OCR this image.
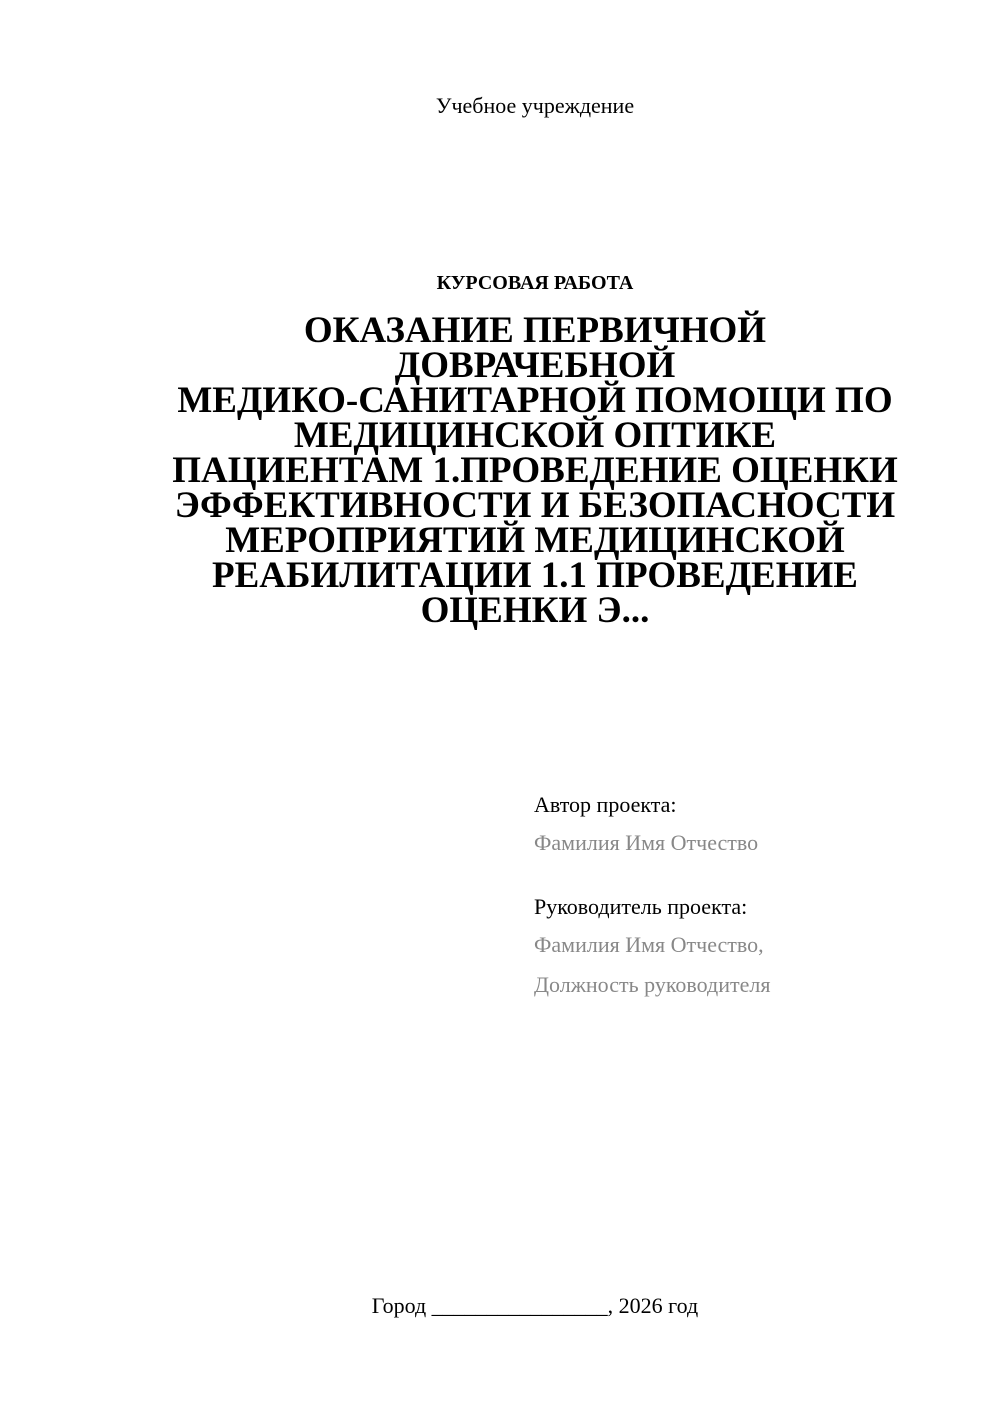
Учебное учреждение
КУРСОВАЯ РАБОТА
ОКАЗАНИЕ ПЕРВИЧНОЙ
ДОВРАЧЕБНОЙ
МЕДИКО-САНИТАРНОЙ ПОМОЩИ ПО
МЕДИЦИНСКОЙ ОПТИКЕ
ПАЦИЕНТАМ 1.ПРОВЕДЕНИЕ ОЦЕНКИ
ЭФФЕКТИВНОСТИ И БЕЗОПАСНОСТИ
МЕРОПРИЯТИЙ МЕДИЦИНСКОЙ
РЕАБИЛИТАЦИИ 1.1 ПРОВЕДЕНИЕ
ОЦЕНКИ Э...
Автор проекта:
Фамилия Имя Отчество
Руководитель проекта:
Фамилия Имя Отчество,
Должность руководителя
Город ________________, 2026 год
